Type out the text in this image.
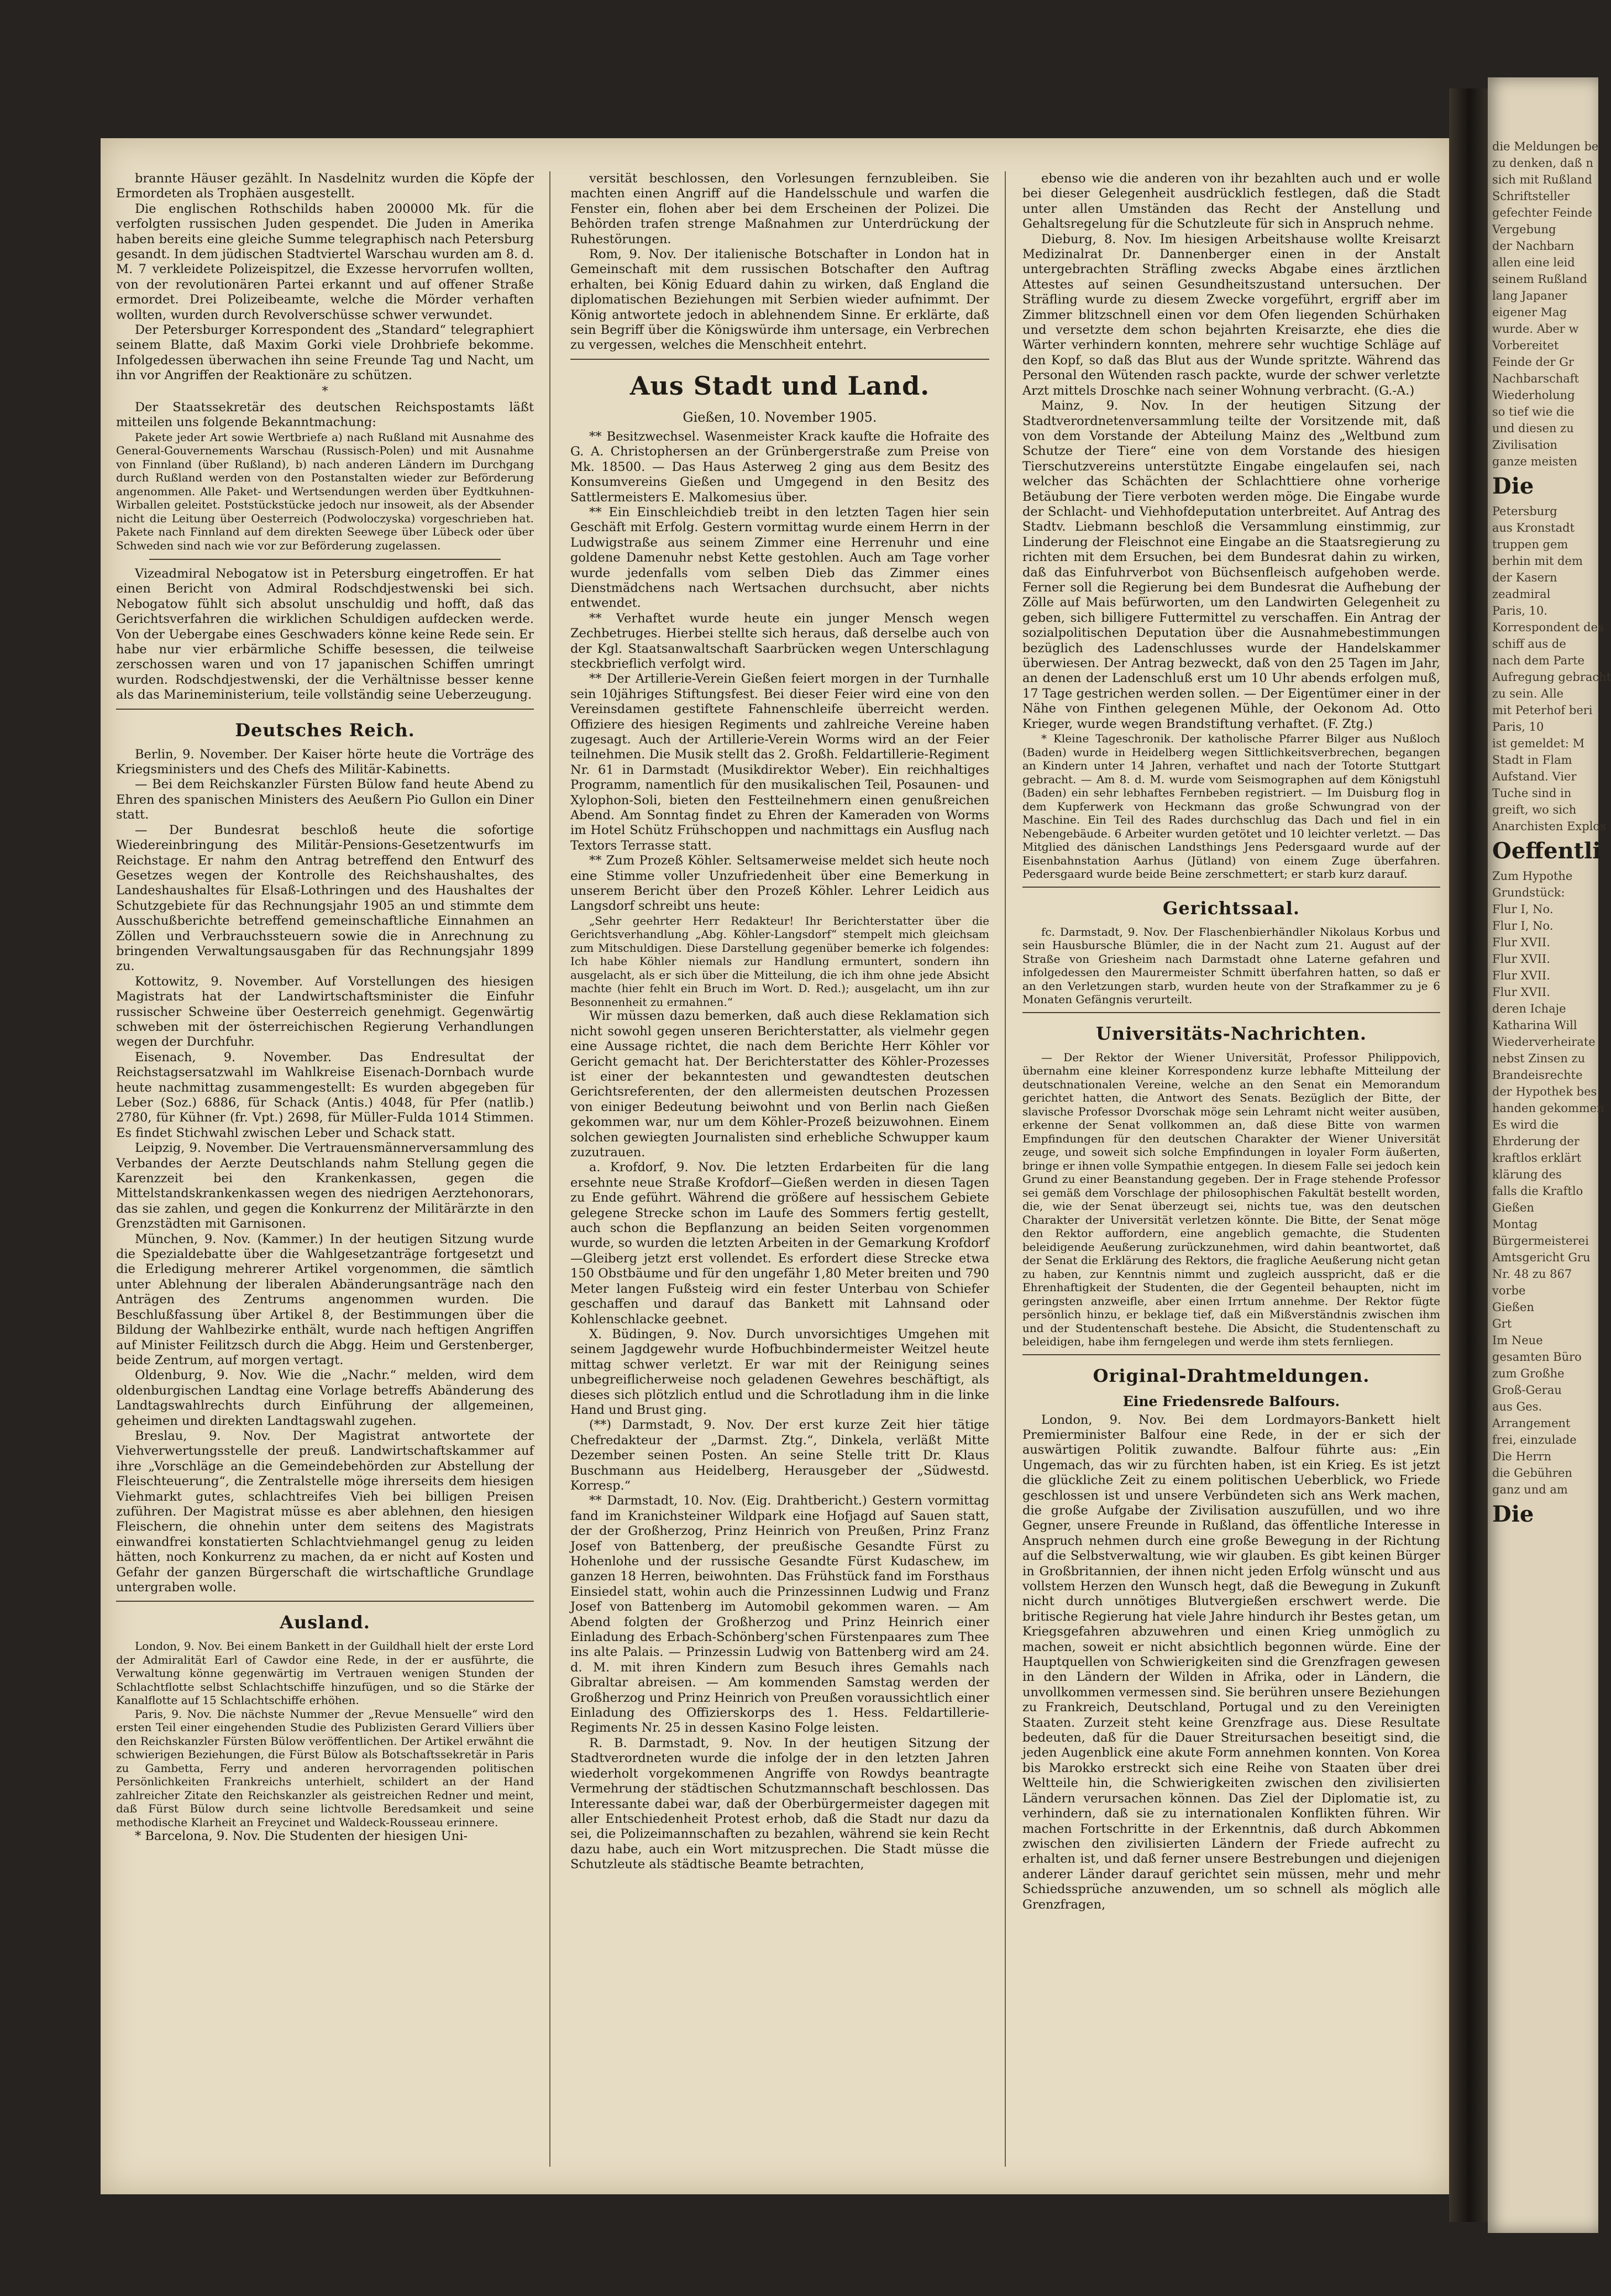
brannte Häuser gezählt. In Nasdelnitz wurden die Köpfe der Ermordeten als Trophäen ausgestellt.

Die englischen Rothschilds haben 200000 Mk. für die verfolgten russischen Juden gespendet. Die Juden in Amerika haben bereits eine gleiche Summe telegraphisch nach Petersburg gesandt. In dem jüdischen Stadtviertel Warschau wurden am 8. d. M. 7 verkleidete Polizeispitzel, die Exzesse hervorrufen wollten, von der revolutionären Partei erkannt und auf offener Straße ermordet. Drei Polizeibeamte, welche die Mörder verhaften wollten, wurden durch Revolverschüsse schwer verwundet.

Der Petersburger Korrespondent des „Standard“ telegraphiert seinem Blatte, daß Maxim Gorki viele Drohbriefe bekomme. Infolgedessen überwachen ihn seine Freunde Tag und Nacht, um ihn vor Angriffen der Reaktionäre zu schützen.

*

Der Staatssekretär des deutschen Reichspostamts läßt mitteilen uns folgende Bekanntmachung:

Pakete jeder Art sowie Wertbriefe a) nach Rußland mit Ausnahme des General-Gouvernements Warschau (Russisch-Polen) und mit Ausnahme von Finnland (über Rußland), b) nach anderen Ländern im Durchgang durch Rußland werden von den Postanstalten wieder zur Beförderung angenommen. Alle Paket- und Wertsendungen werden über Eydtkuhnen-Wirballen geleitet. Poststückstücke jedoch nur insoweit, als der Absender nicht die Leitung über Oesterreich (Podwoloczyska) vorgeschrieben hat. Pakete nach Finnland auf dem direkten Seewege über Lübeck oder über Schweden sind nach wie vor zur Beförderung zugelassen.

Vizeadmiral Nebogatow ist in Petersburg eingetroffen. Er hat einen Bericht von Admiral Rodschdjestwenski bei sich. Nebogatow fühlt sich absolut unschuldig und hofft, daß das Gerichtsverfahren die wirklichen Schuldigen aufdecken werde. Von der Uebergabe eines Geschwaders könne keine Rede sein. Er habe nur vier erbärmliche Schiffe besessen, die teilweise zerschossen waren und von 17 japanischen Schiffen umringt wurden. Rodschdjestwenski, der die Verhältnisse besser kenne als das Marineministerium, teile vollständig seine Ueberzeugung.

Deutsches Reich.

Berlin, 9. November. Der Kaiser hörte heute die Vorträge des Kriegsministers und des Chefs des Militär-Kabinetts.

— Bei dem Reichskanzler Fürsten Bülow fand heute Abend zu Ehren des spanischen Ministers des Aeußern Pio Gullon ein Diner statt.

— Der Bundesrat beschloß heute die sofortige Wiedereinbringung des Militär-Pensions-Gesetzentwurfs im Reichstage. Er nahm den Antrag betreffend den Entwurf des Gesetzes wegen der Kontrolle des Reichshaushaltes, des Landeshaushaltes für Elsaß-Lothringen und des Haushaltes der Schutzgebiete für das Rechnungsjahr 1905 an und stimmte dem Ausschußberichte betreffend gemeinschaftliche Einnahmen an Zöllen und Verbrauchssteuern sowie die in Anrechnung zu bringenden Verwaltungsausgaben für das Rechnungsjahr 1899 zu.

Kottowitz, 9. November. Auf Vorstellungen des hiesigen Magistrats hat der Landwirtschaftsminister die Einfuhr russischer Schweine über Oesterreich genehmigt. Gegenwärtig schweben mit der österreichischen Regierung Verhandlungen wegen der Durchfuhr.

Eisenach, 9. November. Das Endresultat der Reichstagsersatzwahl im Wahlkreise Eisenach-Dornbach wurde heute nachmittag zusammengestellt: Es wurden abgegeben für Leber (Soz.) 6886, für Schack (Antis.) 4048, für Pfer (natlib.) 2780, für Kühner (fr. Vpt.) 2698, für Müller-Fulda 1014 Stimmen. Es findet Stichwahl zwischen Leber und Schack statt.

Leipzig, 9. November. Die Vertrauensmännerversammlung des Verbandes der Aerzte Deutschlands nahm Stellung gegen die Karenzzeit bei den Krankenkassen, gegen die Mittelstandskrankenkassen wegen des niedrigen Aerztehonorars, das sie zahlen, und gegen die Konkurrenz der Militärärzte in den Grenzstädten mit Garnisonen.

München, 9. Nov. (Kammer.) In der heutigen Sitzung wurde die Spezialdebatte über die Wahlgesetzanträge fortgesetzt und die Erledigung mehrerer Artikel vorgenommen, die sämtlich unter Ablehnung der liberalen Abänderungsanträge nach den Anträgen des Zentrums angenommen wurden. Die Beschlußfassung über Artikel 8, der Bestimmungen über die Bildung der Wahlbezirke enthält, wurde nach heftigen Angriffen auf Minister Feilitzsch durch die Abgg. Heim und Gerstenberger, beide Zentrum, auf morgen vertagt.

Oldenburg, 9. Nov. Wie die „Nachr.“ melden, wird dem oldenburgischen Landtag eine Vorlage betreffs Abänderung des Landtagswahlrechts durch Einführung der allgemeinen, geheimen und direkten Landtagswahl zugehen.

Breslau, 9. Nov. Der Magistrat antwortete der Viehverwertungsstelle der preuß. Landwirtschaftskammer auf ihre „Vorschläge an die Gemeindebehörden zur Abstellung der Fleischteuerung“, die Zentralstelle möge ihrerseits dem hiesigen Viehmarkt gutes, schlachtreifes Vieh bei billigen Preisen zuführen. Der Magistrat müsse es aber ablehnen, den hiesigen Fleischern, die ohnehin unter dem seitens des Magistrats einwandfrei konstatierten Schlachtviehmangel genug zu leiden hätten, noch Konkurrenz zu machen, da er nicht auf Kosten und Gefahr der ganzen Bürgerschaft die wirtschaftliche Grundlage untergraben wolle.

Ausland.

London, 9. Nov. Bei einem Bankett in der Guildhall hielt der erste Lord der Admiralität Earl of Cawdor eine Rede, in der er ausführte, die Verwaltung könne gegenwärtig im Vertrauen wenigen Stunden der Schlachtflotte selbst Schlachtschiffe hinzufügen, und so die Stärke der Kanalflotte auf 15 Schlachtschiffe erhöhen.

Paris, 9. Nov. Die nächste Nummer der „Revue Mensuelle“ wird den ersten Teil einer eingehenden Studie des Publizisten Gerard Villiers über den Reichskanzler Fürsten Bülow veröffentlichen. Der Artikel erwähnt die schwierigen Beziehungen, die Fürst Bülow als Botschaftssekretär in Paris zu Gambetta, Ferry und anderen hervorragenden politischen Persönlichkeiten Frankreichs unterhielt, schildert an der Hand zahlreicher Zitate den Reichskanzler als geistreichen Redner und meint, daß Fürst Bülow durch seine lichtvolle Beredsamkeit und seine methodische Klarheit an Freycinet und Waldeck-Rousseau erinnere.

* Barcelona, 9. Nov. Die Studenten der hiesigen Uni-

versität beschlossen, den Vorlesungen fernzubleiben. Sie machten einen Angriff auf die Handelsschule und warfen die Fenster ein, flohen aber bei dem Erscheinen der Polizei. Die Behörden trafen strenge Maßnahmen zur Unterdrückung der Ruhestörungen.

Rom, 9. Nov. Der italienische Botschafter in London hat in Gemeinschaft mit dem russischen Botschafter den Auftrag erhalten, bei König Eduard dahin zu wirken, daß England die diplomatischen Beziehungen mit Serbien wieder aufnimmt. Der König antwortete jedoch in ablehnendem Sinne. Er erklärte, daß sein Begriff über die Königswürde ihm untersage, ein Verbrechen zu vergessen, welches die Menschheit entehrt.

Aus Stadt und Land.
Gießen, 10. November 1905.

** Besitzwechsel. Wasenmeister Krack kaufte die Hofraite des G. A. Christophersen an der Grünbergerstraße zum Preise von Mk. 18500. — Das Haus Asterweg 2 ging aus dem Besitz des Konsumvereins Gießen und Umgegend in den Besitz des Sattlermeisters E. Malkomesius über.

** Ein Einschleichdieb treibt in den letzten Tagen hier sein Geschäft mit Erfolg. Gestern vormittag wurde einem Herrn in der Ludwigstraße aus seinem Zimmer eine Herrenuhr und eine goldene Damenuhr nebst Kette gestohlen. Auch am Tage vorher wurde jedenfalls vom selben Dieb das Zimmer eines Dienstmädchens nach Wertsachen durchsucht, aber nichts entwendet.

** Verhaftet wurde heute ein junger Mensch wegen Zechbetruges. Hierbei stellte sich heraus, daß derselbe auch von der Kgl. Staatsanwaltschaft Saarbrücken wegen Unterschlagung steckbrieflich verfolgt wird.

** Der Artillerie-Verein Gießen feiert morgen in der Turnhalle sein 10jähriges Stiftungsfest. Bei dieser Feier wird eine von den Vereinsdamen gestiftete Fahnenschleife überreicht werden. Offiziere des hiesigen Regiments und zahlreiche Vereine haben zugesagt. Auch der Artillerie-Verein Worms wird an der Feier teilnehmen. Die Musik stellt das 2. Großh. Feldartillerie-Regiment Nr. 61 in Darmstadt (Musikdirektor Weber). Ein reichhaltiges Programm, namentlich für den musikalischen Teil, Posaunen- und Xylophon-Soli, bieten den Festteilnehmern einen genußreichen Abend. Am Sonntag findet zu Ehren der Kameraden von Worms im Hotel Schütz Frühschoppen und nachmittags ein Ausflug nach Textors Terrasse statt.

** Zum Prozeß Köhler. Seltsamerweise meldet sich heute noch eine Stimme voller Unzufriedenheit über eine Bemerkung in unserem Bericht über den Prozeß Köhler. Lehrer Leidich aus Langsdorf schreibt uns heute:

„Sehr geehrter Herr Redakteur! Ihr Berichterstatter über die Gerichtsverhandlung „Abg. Köhler-Langsdorf“ stempelt mich gleichsam zum Mitschuldigen. Diese Darstellung gegenüber bemerke ich folgendes: Ich habe Köhler niemals zur Handlung ermuntert, sondern ihn ausgelacht, als er sich über die Mitteilung, die ich ihm ohne jede Absicht machte (hier fehlt ein Bruch im Wort. D. Red.); ausgelacht, um ihn zur Besonnenheit zu ermahnen.“

Wir müssen dazu bemerken, daß auch diese Reklamation sich nicht sowohl gegen unseren Berichterstatter, als vielmehr gegen eine Aussage richtet, die nach dem Berichte Herr Köhler vor Gericht gemacht hat. Der Berichterstatter des Köhler-Prozesses ist einer der bekanntesten und gewandtesten deutschen Gerichtsreferenten, der den allermeisten deutschen Prozessen von einiger Bedeutung beiwohnt und von Berlin nach Gießen gekommen war, nur um dem Köhler-Prozeß beizuwohnen. Einem solchen gewiegten Journalisten sind erhebliche Schwupper kaum zuzutrauen.

a. Krofdorf, 9. Nov. Die letzten Erdarbeiten für die lang ersehnte neue Straße Krofdorf—Gießen werden in diesen Tagen zu Ende geführt. Während die größere auf hessischem Gebiete gelegene Strecke schon im Laufe des Sommers fertig gestellt, auch schon die Bepflanzung an beiden Seiten vorgenommen wurde, so wurden die letzten Arbeiten in der Gemarkung Krofdorf—Gleiberg jetzt erst vollendet. Es erfordert diese Strecke etwa 150 Obstbäume und für den ungefähr 1,80 Meter breiten und 790 Meter langen Fußsteig wird ein fester Unterbau von Schiefer geschaffen und darauf das Bankett mit Lahnsand oder Kohlenschlacke geebnet.

X. Büdingen, 9. Nov. Durch unvorsichtiges Umgehen mit seinem Jagdgewehr wurde Hofbuchbindermeister Weitzel heute mittag schwer verletzt. Er war mit der Reinigung seines unbegreiflicherweise noch geladenen Gewehres beschäftigt, als dieses sich plötzlich entlud und die Schrotladung ihm in die linke Hand und Brust ging.

(**) Darmstadt, 9. Nov. Der erst kurze Zeit hier tätige Chefredakteur der „Darmst. Ztg.“, Dinkela, verläßt Mitte Dezember seinen Posten. An seine Stelle tritt Dr. Klaus Buschmann aus Heidelberg, Herausgeber der „Südwestd. Korresp.“

** Darmstadt, 10. Nov. (Eig. Drahtbericht.) Gestern vormittag fand im Kranichsteiner Wildpark eine Hofjagd auf Sauen statt, der der Großherzog, Prinz Heinrich von Preußen, Prinz Franz Josef von Battenberg, der preußische Gesandte Fürst zu Hohenlohe und der russische Gesandte Fürst Kudaschew, im ganzen 18 Herren, beiwohnten. Das Frühstück fand im Forsthaus Einsiedel statt, wohin auch die Prinzessinnen Ludwig und Franz Josef von Battenberg im Automobil gekommen waren. — Am Abend folgten der Großherzog und Prinz Heinrich einer Einladung des Erbach-Schönberg'schen Fürstenpaares zum Thee ins alte Palais. — Prinzessin Ludwig von Battenberg wird am 24. d. M. mit ihren Kindern zum Besuch ihres Gemahls nach Gibraltar abreisen. — Am kommenden Samstag werden der Großherzog und Prinz Heinrich von Preußen voraussichtlich einer Einladung des Offizierskorps des 1. Hess. Feldartillerie-Regiments Nr. 25 in dessen Kasino Folge leisten.

R. B. Darmstadt, 9. Nov. In der heutigen Sitzung der Stadtverordneten wurde die infolge der in den letzten Jahren wiederholt vorgekommenen Angriffe von Rowdys beantragte Vermehrung der städtischen Schutzmannschaft beschlossen. Das Interessante dabei war, daß der Oberbürgermeister dagegen mit aller Entschiedenheit Protest erhob, daß die Stadt nur dazu da sei, die Polizeimannschaften zu bezahlen, während sie kein Recht dazu habe, auch ein Wort mitzusprechen. Die Stadt müsse die Schutzleute als städtische Beamte betrachten,

ebenso wie die anderen von ihr bezahlten auch und er wolle bei dieser Gelegenheit ausdrücklich festlegen, daß die Stadt unter allen Umständen das Recht der Anstellung und Gehaltsregelung für die Schutzleute für sich in Anspruch nehme.

Dieburg, 8. Nov. Im hiesigen Arbeitshause wollte Kreisarzt Medizinalrat Dr. Dannenberger einen in der Anstalt untergebrachten Sträfling zwecks Abgabe eines ärztlichen Attestes auf seinen Gesundheitszustand untersuchen. Der Sträfling wurde zu diesem Zwecke vorgeführt, ergriff aber im Zimmer blitzschnell einen vor dem Ofen liegenden Schürhaken und versetzte dem schon bejahrten Kreisarzte, ehe dies die Wärter verhindern konnten, mehrere sehr wuchtige Schläge auf den Kopf, so daß das Blut aus der Wunde spritzte. Während das Personal den Wütenden rasch packte, wurde der schwer verletzte Arzt mittels Droschke nach seiner Wohnung verbracht. (G.-A.)

Mainz, 9. Nov. In der heutigen Sitzung der Stadtverordnetenversammlung teilte der Vorsitzende mit, daß von dem Vorstande der Abteilung Mainz des „Weltbund zum Schutze der Tiere“ eine von dem Vorstande des hiesigen Tierschutzvereins unterstützte Eingabe eingelaufen sei, nach welcher das Schächten der Schlachttiere ohne vorherige Betäubung der Tiere verboten werden möge. Die Eingabe wurde der Schlacht- und Viehhofdeputation unterbreitet. Auf Antrag des Stadtv. Liebmann beschloß die Versammlung einstimmig, zur Linderung der Fleischnot eine Eingabe an die Staatsregierung zu richten mit dem Ersuchen, bei dem Bundesrat dahin zu wirken, daß das Einfuhrverbot von Büchsenfleisch aufgehoben werde. Ferner soll die Regierung bei dem Bundesrat die Aufhebung der Zölle auf Mais befürworten, um den Landwirten Gelegenheit zu geben, sich billigere Futtermittel zu verschaffen. Ein Antrag der sozialpolitischen Deputation über die Ausnahmebestimmungen bezüglich des Ladenschlusses wurde der Handelskammer überwiesen. Der Antrag bezweckt, daß von den 25 Tagen im Jahr, an denen der Ladenschluß erst um 10 Uhr abends erfolgen muß, 17 Tage gestrichen werden sollen. — Der Eigentümer einer in der Nähe von Finthen gelegenen Mühle, der Oekonom Ad. Otto Krieger, wurde wegen Brandstiftung verhaftet. (F. Ztg.)

* Kleine Tageschronik. Der katholische Pfarrer Bilger aus Nußloch (Baden) wurde in Heidelberg wegen Sittlichkeitsverbrechen, begangen an Kindern unter 14 Jahren, verhaftet und nach der Totorte Stuttgart gebracht. — Am 8. d. M. wurde vom Seismographen auf dem Königstuhl (Baden) ein sehr lebhaftes Fernbeben registriert. — Im Duisburg flog in dem Kupferwerk von Heckmann das große Schwungrad von der Maschine. Ein Teil des Rades durchschlug das Dach und fiel in ein Nebengebäude. 6 Arbeiter wurden getötet und 10 leichter verletzt. — Das Mitglied des dänischen Landsthings Jens Pedersgaard wurde auf der Eisenbahnstation Aarhus (Jütland) von einem Zuge überfahren. Pedersgaard wurde beide Beine zerschmettert; er starb kurz darauf.

Gerichtssaal.

fc. Darmstadt, 9. Nov. Der Flaschenbierhändler Nikolaus Korbus und sein Hausbursche Blümler, die in der Nacht zum 21. August auf der Straße von Griesheim nach Darmstadt ohne Laterne gefahren und infolgedessen den Maurermeister Schmitt überfahren hatten, so daß er an den Verletzungen starb, wurden heute von der Strafkammer zu je 6 Monaten Gefängnis verurteilt.

Universitäts-Nachrichten.

— Der Rektor der Wiener Universität, Professor Philippovich, übernahm eine kleiner Korrespondenz kurze lebhafte Mitteilung der deutschnationalen Vereine, welche an den Senat ein Memorandum gerichtet hatten, die Antwort des Senats. Bezüglich der Bitte, der slavische Professor Dvorschak möge sein Lehramt nicht weiter ausüben, erkenne der Senat vollkommen an, daß diese Bitte von warmen Empfindungen für den deutschen Charakter der Wiener Universität zeuge, und soweit sich solche Empfindungen in loyaler Form äußerten, bringe er ihnen volle Sympathie entgegen. In diesem Falle sei jedoch kein Grund zu einer Beanstandung gegeben. Der in Frage stehende Professor sei gemäß dem Vorschlage der philosophischen Fakultät bestellt worden, die, wie der Senat überzeugt sei, nichts tue, was den deutschen Charakter der Universität verletzen könnte. Die Bitte, der Senat möge den Rektor auffordern, eine angeblich gemachte, die Studenten beleidigende Aeußerung zurückzunehmen, wird dahin beantwortet, daß der Senat die Erklärung des Rektors, die fragliche Aeußerung nicht getan zu haben, zur Kenntnis nimmt und zugleich ausspricht, daß er die Ehrenhaftigkeit der Studenten, die der Gegenteil behaupten, nicht im geringsten anzweifle, aber einen Irrtum annehme. Der Rektor fügte persönlich hinzu, er beklage tief, daß ein Mißverständnis zwischen ihm und der Studentenschaft bestehe. Die Absicht, die Studentenschaft zu beleidigen, habe ihm ferngelegen und werde ihm stets fernliegen.

Original-Drahtmeldungen.
Eine Friedensrede Balfours.

London, 9. Nov. Bei dem Lordmayors-Bankett hielt Premierminister Balfour eine Rede, in der er sich der auswärtigen Politik zuwandte. Balfour führte aus: „Ein Ungemach, das wir zu fürchten haben, ist ein Krieg. Es ist jetzt die glückliche Zeit zu einem politischen Ueberblick, wo Friede geschlossen ist und unsere Verbündeten sich ans Werk machen, die große Aufgabe der Zivilisation auszufüllen, und wo ihre Gegner, unsere Freunde in Rußland, das öffentliche Interesse in Anspruch nehmen durch eine große Bewegung in der Richtung auf die Selbstverwaltung, wie wir glauben. Es gibt keinen Bürger in Großbritannien, der ihnen nicht jeden Erfolg wünscht und aus vollstem Herzen den Wunsch hegt, daß die Bewegung in Zukunft nicht durch unnötiges Blutvergießen erschwert werde. Die britische Regierung hat viele Jahre hindurch ihr Bestes getan, um Kriegsgefahren abzuwehren und einen Krieg unmöglich zu machen, soweit er nicht absichtlich begonnen würde. Eine der Hauptquellen von Schwierigkeiten sind die Grenzfragen gewesen in den Ländern der Wilden in Afrika, oder in Ländern, die unvollkommen vermessen sind. Sie berühren unsere Beziehungen zu Frankreich, Deutschland, Portugal und zu den Vereinigten Staaten. Zurzeit steht keine Grenzfrage aus. Diese Resultate bedeuten, daß für die Dauer Streitursachen beseitigt sind, die jeden Augenblick eine akute Form annehmen konnten. Von Korea bis Marokko erstreckt sich eine Reihe von Staaten über drei Weltteile hin, die Schwierigkeiten zwischen den zivilisierten Ländern verursachen können. Das Ziel der Diplomatie ist, zu verhindern, daß sie zu internationalen Konflikten führen. Wir machen Fortschritte in der Erkenntnis, daß durch Abkommen zwischen den zivilisierten Ländern der Friede aufrecht zu erhalten ist, und daß ferner unsere Bestrebungen und diejenigen anderer Länder darauf gerichtet sein müssen, mehr und mehr Schiedssprüche anzuwenden, um so schnell als möglich alle Grenzfragen,

die Meldungen be
zu denken, daß n
sich mit Rußland
Schriftsteller
gefechter Feinde
Vergebung
der Nachbarn
allen eine leid
seinem Rußland
lang Japaner
eigener Mag
wurde. Aber w
Vorbereitet
Feinde der Gr
Nachbarschaft
Wiederholung
so tief wie die
und diesen zu
Zivilisation
ganze meisten
Die
Petersburg
aus Kronstadt
truppen gem
berhin mit dem
der Kasern
zeadmiral
Paris, 10.
Korrespondent des
schiff aus de
nach dem Parte
Aufregung gebracht
zu sein. Alle
mit Peterhof beri
Paris, 10
ist gemeldet: M
Stadt in Flam
Aufstand. Vier
Tuche sind in
greift, wo sich
Anarchisten Explos
Oeffentli
Zum Hypothe
Grundstück:
Flur I, No.
Flur I, No.
Flur XVII.
Flur XVII.
Flur XVII.
Flur XVII.
deren Ichaje
Katharina Will
Wiederverheirate
nebst Zinsen zu
Brandeisrechte
der Hypothek bes
handen gekommen
Es wird die
Ehrderung der
kraftlos erklärt
klärung des
falls die Kraftlo
Gießen
Montag
Bürgermeisterei
Amtsgericht Gru
Nr. 48 zu 867
vorbe
Gießen
Grt
Im Neue
gesamten Büro
zum Großhe
Groß-Gerau
aus Ges.
Arrangement
frei, einzulade
Die Herrn
die Gebühren
ganz und am
Die
